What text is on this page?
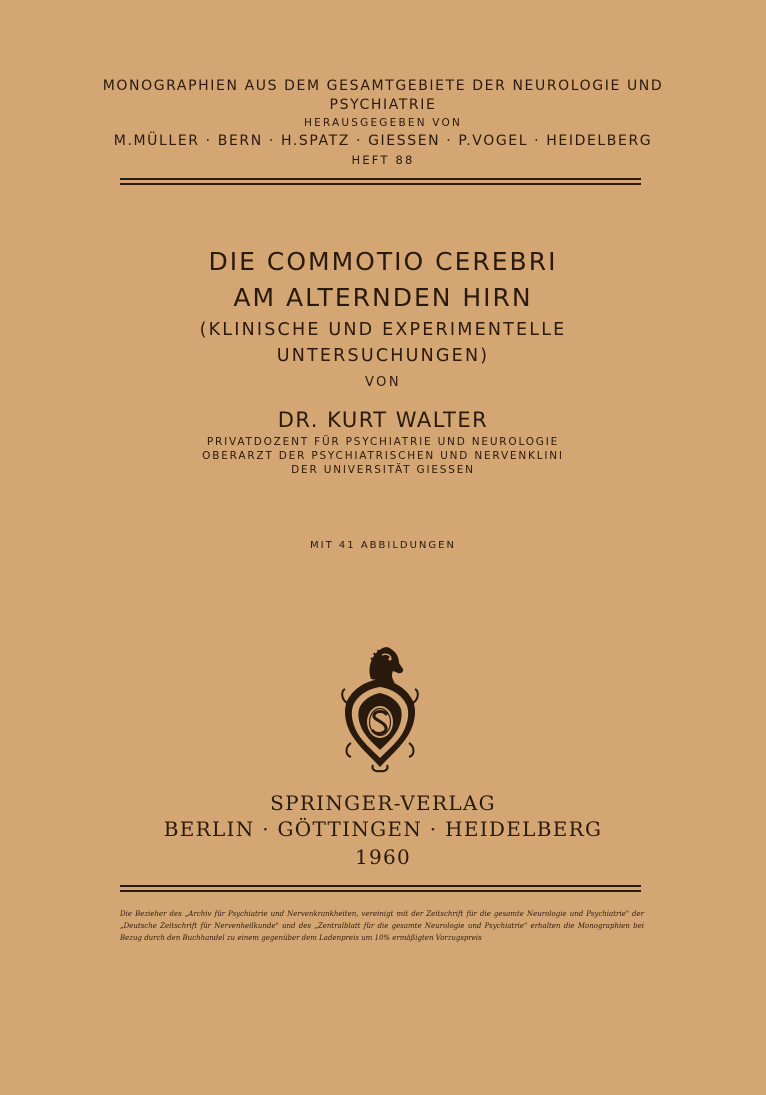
MONOGRAPHIEN AUS DEM GESAMTGEBIETE DER NEUROLOGIE UND
PSYCHIATRIE
HERAUSGEGEBEN VON
M.MÜLLER · BERN · H.SPATZ · GIESSEN · P.VOGEL · HEIDELBERG
HEFT 88
DIE COMMOTIO CEREBRI
AM ALTERNDEN HIRN
(KLINISCHE UND EXPERIMENTELLE
UNTERSUCHUNGEN)
VON
DR. KURT WALTER
PRIVATDOZENT FÜR PSYCHIATRIE UND NEUROLOGIE
OBERARZT DER PSYCHIATRISCHEN UND NERVENKLINI
DER UNIVERSITÄT GIESSEN
MIT 41 ABBILDUNGEN
SPRINGER-VERLAG
BERLIN · GÖTTINGEN · HEIDELBERG
1960
Die Bezieher des „Archiv für Psychiatrie und Nervenkrankheiten, vereinigt mit der Zeitschrift für die gesamte Neurologie und Psychiatrie" der „Deutsche Zeitschrift für Nervenheilkunde" und des „Zentralblatt für die gesamte Neurologie und Psychiatrie" erhalten die Monographien bei Bezug durch den Buchhandel zu einem gegenüber dem Ladenpreis um 10% ermäßigten Vorzugspreis
